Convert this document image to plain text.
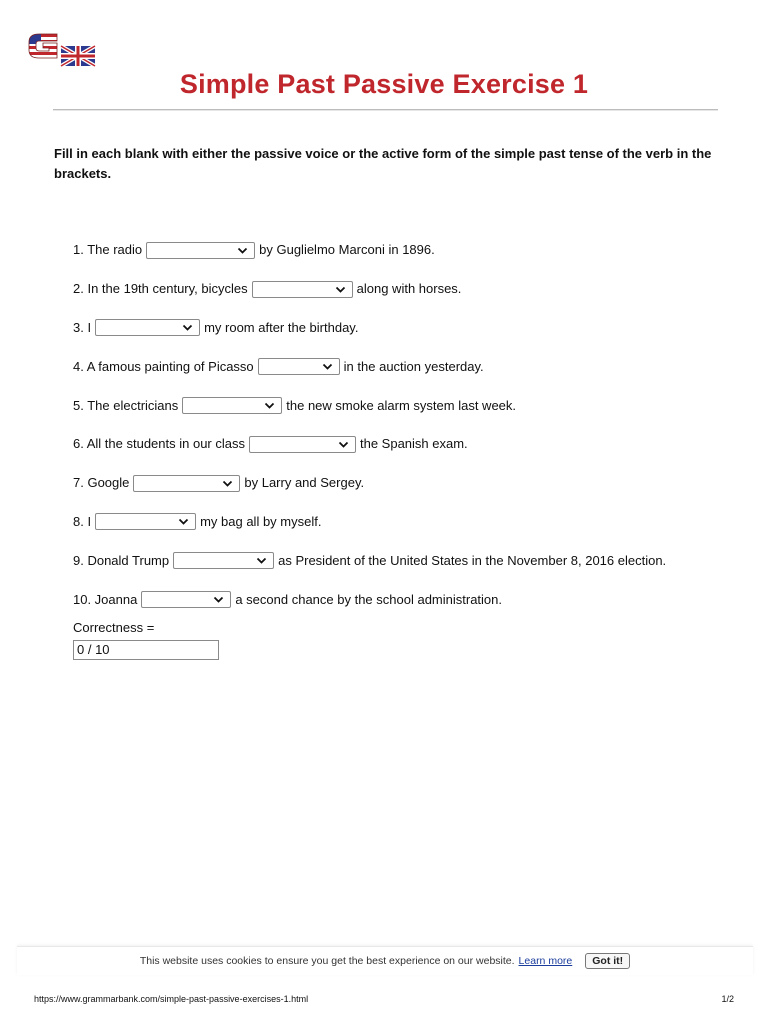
Simple Past Passive Exercise 1
Fill in each blank with either the passive voice or the active form of the simple past tense of the verb in the brackets.
1. The radio	by Guglielmo Marconi in 1896.
2. In the 19th century, bicycles	along with horses.
3. I	my room after the birthday.
4. A famous painting of Picasso	in the auction yesterday.
5. The electricians	the new smoke alarm system last week.
6. All the students in our class	the Spanish exam.
7. Google	by Larry and Sergey.
8. I	my bag all by myself.
9. Donald Trump	as President of the United States in the November 8, 2016 election.
10. Joanna	a second chance by the school administration.
Correctness =
0 / 10
This website uses cookies to ensure you get the best experience on our website. Learn more	Got it!
https://www.grammarbank.com/simple-past-passive-exercises-1.html	1/2
